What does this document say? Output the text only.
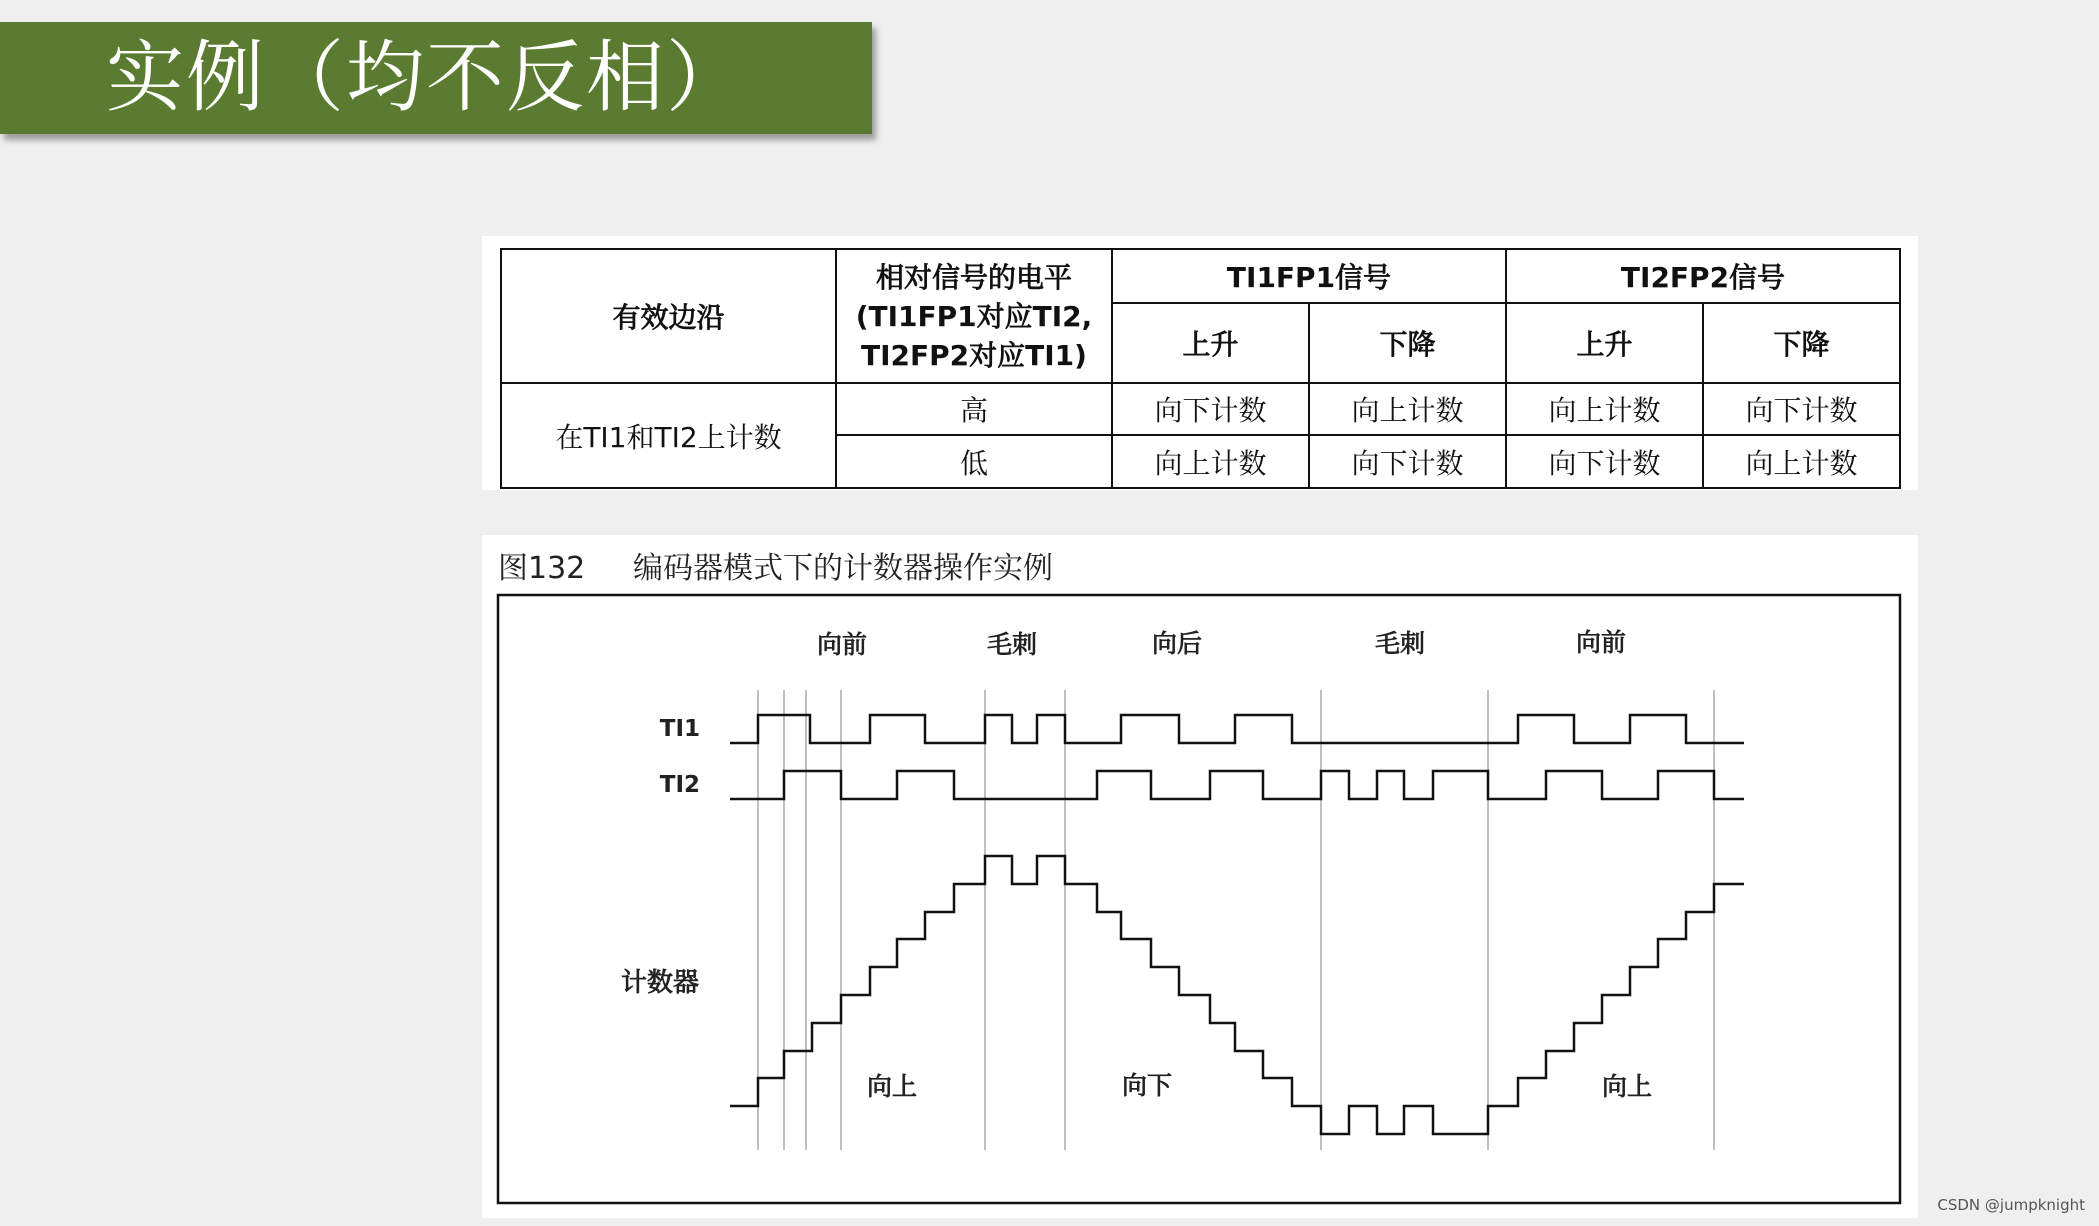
实例（均不反相）
有效边沿	相对信号的电平
(TI1FP1对应TI2,
TI2FP2对应TI1)	TI1FP1信号		TI2FP2信号	
		上升	下降	上升	下降
在TI1和TI2上计数	高	向下计数	向上计数	向上计数	向下计数
	低	向上计数	向下计数	向下计数	向上计数
图132     编码器模式下的计数器操作实例
向前	毛刺	向后	毛刺	向前
TI1
TI2
计数器
向上	向下	向上
CSDN @jumpknight
